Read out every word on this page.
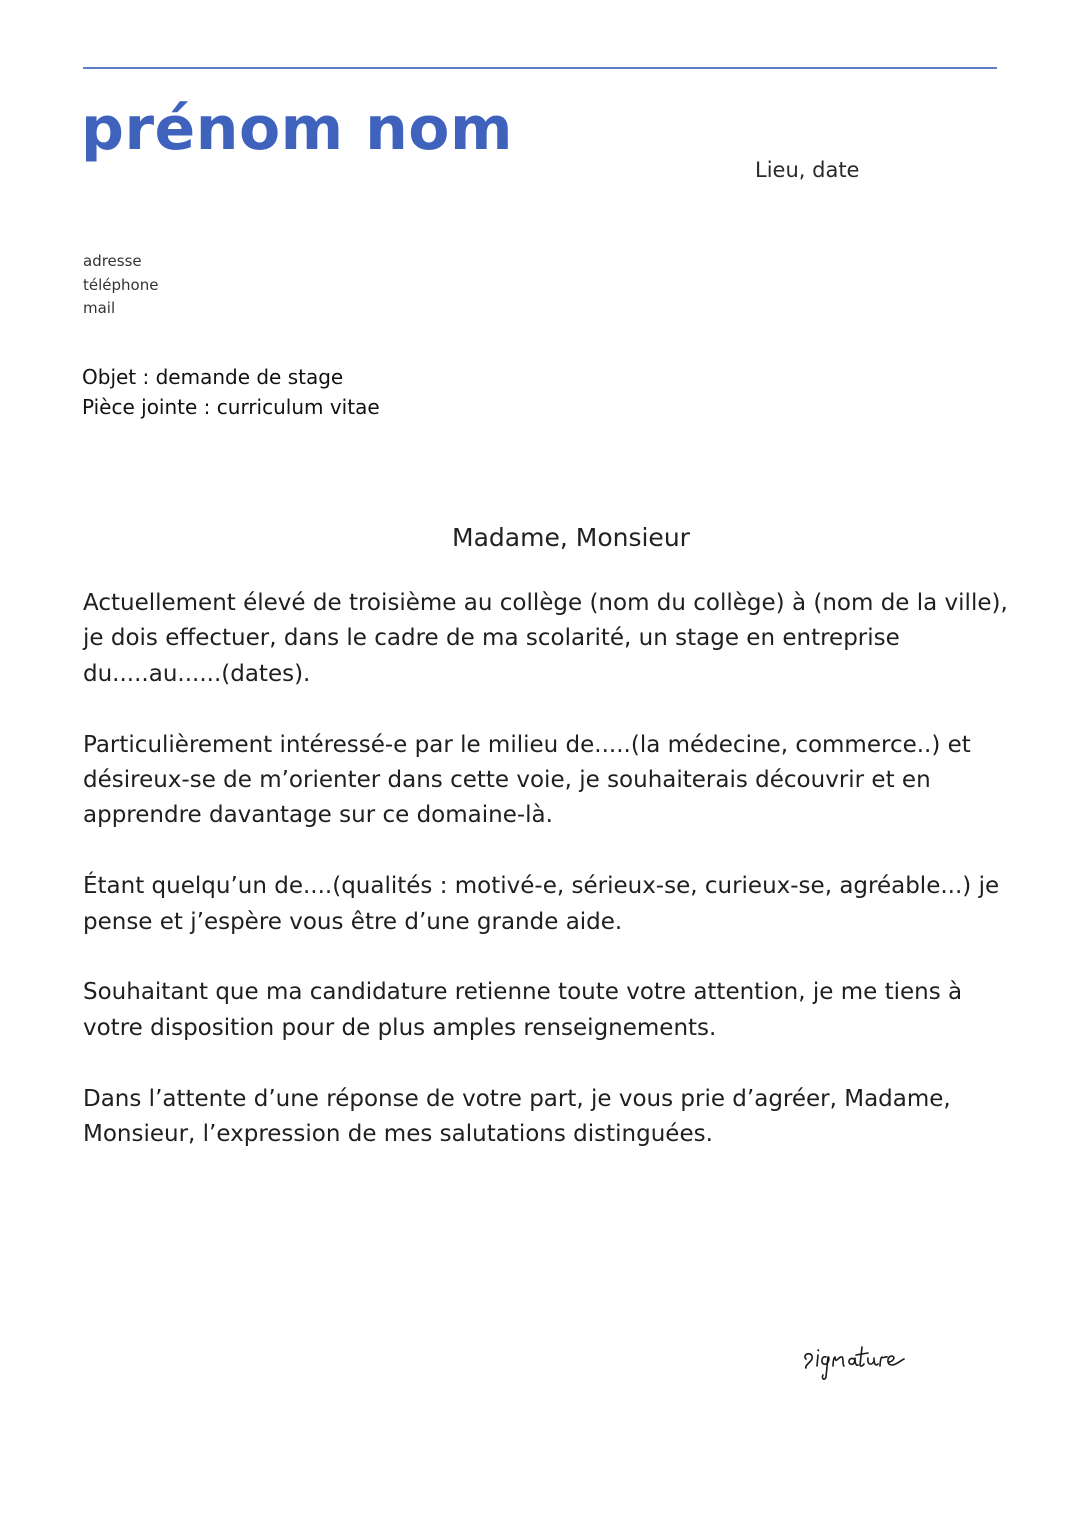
prénom nom
Lieu, date
adresse
téléphone
mail
Objet : demande de stage
Pièce jointe : curriculum vitae
Madame, Monsieur

Actuellement élevé de troisième au collège (nom du collège) à (nom de la ville), je dois effectuer, dans le cadre de ma scolarité, un stage en entreprise du.....au......(dates).

Particulièrement intéressé-e par le milieu de.....(la médecine, commerce..) et désireux-se de m’orienter dans cette voie, je souhaiterais découvrir et en apprendre davantage sur ce domaine-là.

Étant quelqu’un de....(qualités : motivé-e, sérieux-se, curieux-se, agréable...) je pense et j’espère vous être d’une grande aide.

Souhaitant que ma candidature retienne toute votre attention, je me tiens à votre disposition pour de plus amples renseignements.

Dans l’attente d’une réponse de votre part, je vous prie d’agréer, Madame, Monsieur, l’expression de mes salutations distinguées.
